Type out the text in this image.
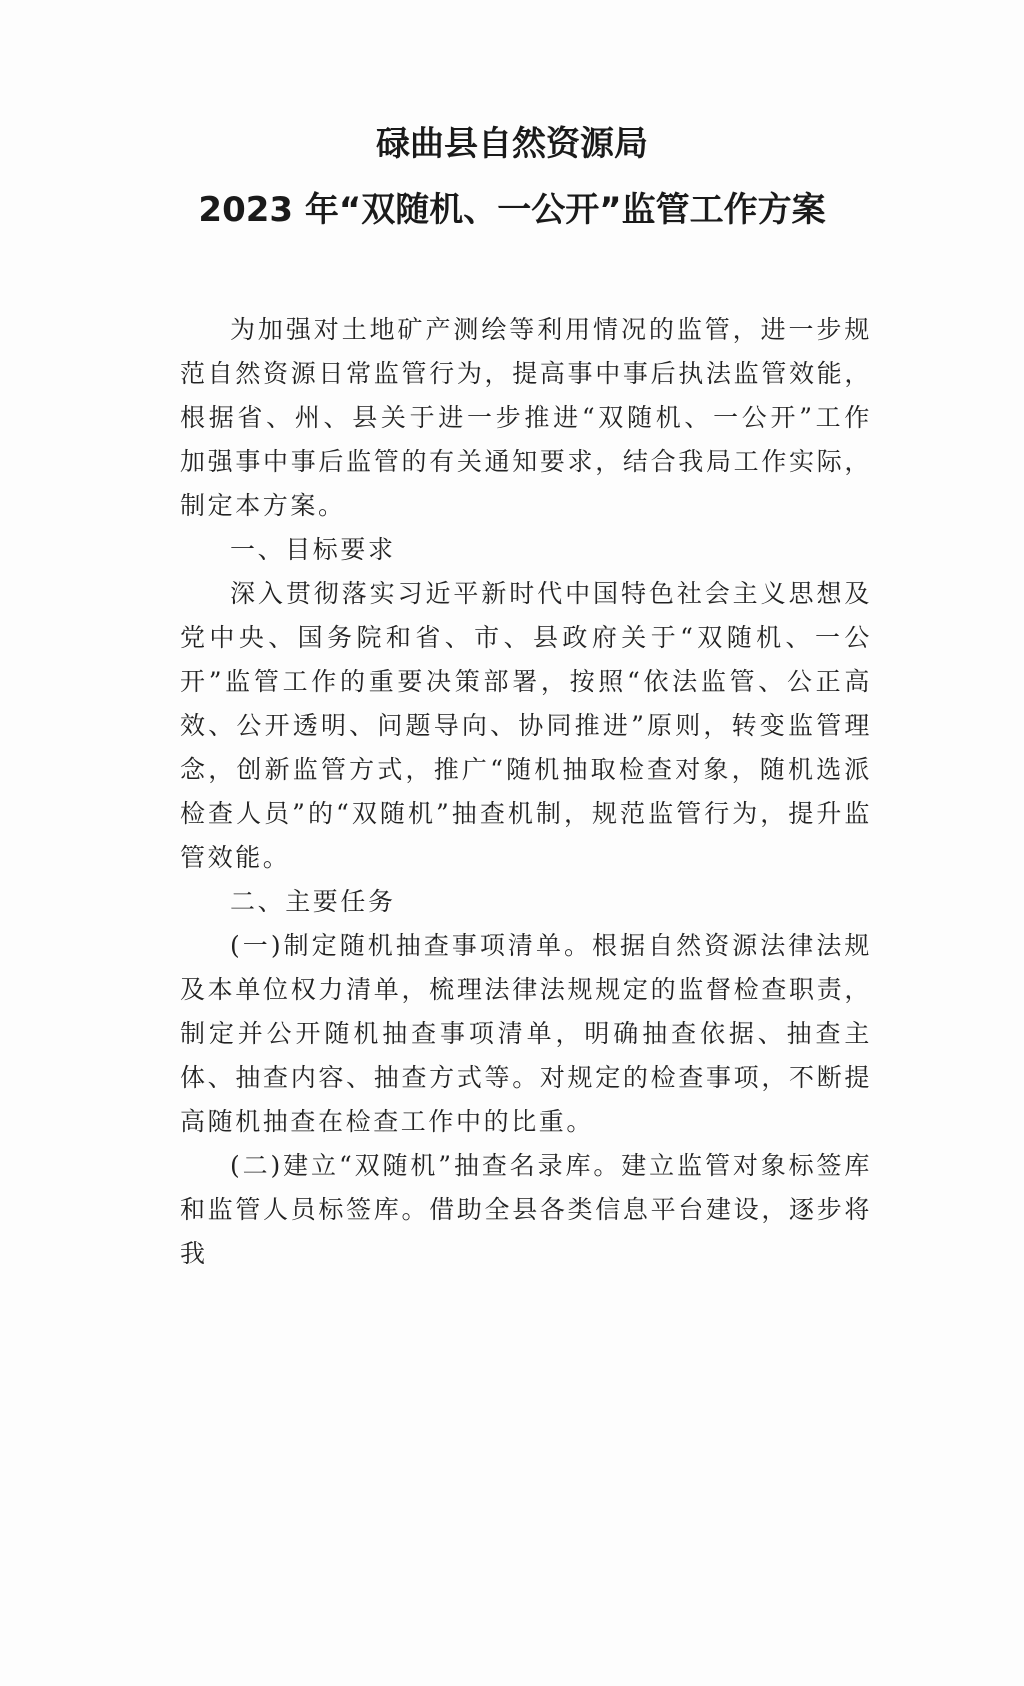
碌曲县自然资源局
2023 年“双随机、一公开”监管工作方案

为加强对土地矿产测绘等利用情况的监管，进一步规范自然资源日常监管行为，提高事中事后执法监管效能，根据省、州、县关于进一步推进“双随机、一公开”工作加强事中事后监管的有关通知要求，结合我局工作实际，制定本方案。

一、目标要求

深入贯彻落实习近平新时代中国特色社会主义思想及党中央、国务院和省、市、县政府关于“双随机、一公开”监管工作的重要决策部署，按照“依法监管、公正高效、公开透明、问题导向、协同推进”原则，转变监管理念，创新监管方式，推广“随机抽取检查对象，随机选派检查人员”的“双随机”抽查机制，规范监管行为，提升监管效能。

二、主要任务

(一)制定随机抽查事项清单。根据自然资源法律法规及本单位权力清单，梳理法律法规规定的监督检查职责，制定并公开随机抽查事项清单，明确抽查依据、抽查主体、抽查内容、抽查方式等。对规定的检查事项，不断提高随机抽查在检查工作中的比重。

(二)建立“双随机”抽查名录库。建立监管对象标签库和监管人员标签库。借助全县各类信息平台建设，逐步将我
